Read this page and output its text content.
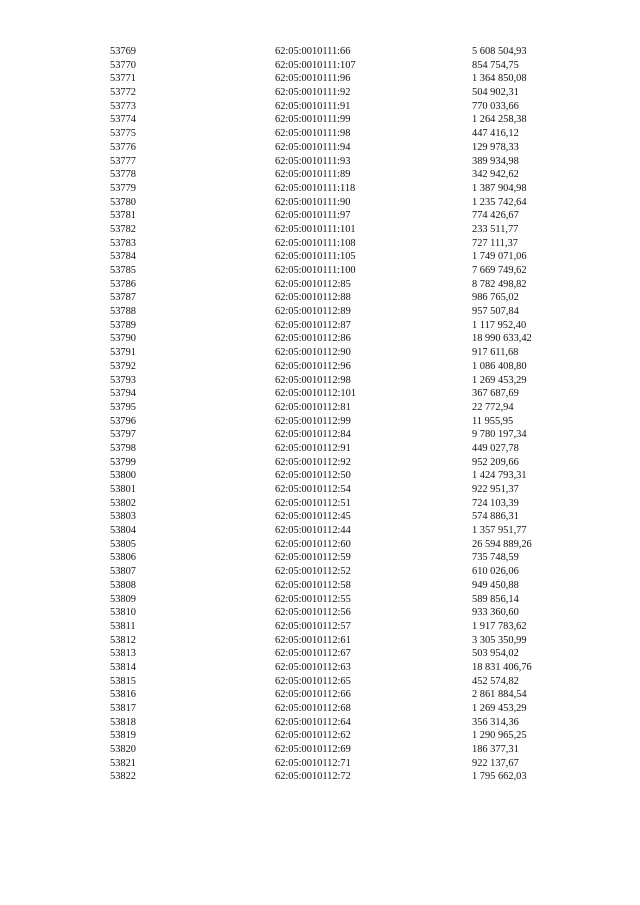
53769	62:05:0010111:66	5 608 504,93
53770	62:05:0010111:107	854 754,75
53771	62:05:0010111:96	1 364 850,08
53772	62:05:0010111:92	504 902,31
53773	62:05:0010111:91	770 033,66
53774	62:05:0010111:99	1 264 258,38
53775	62:05:0010111:98	447 416,12
53776	62:05:0010111:94	129 978,33
53777	62:05:0010111:93	389 934,98
53778	62:05:0010111:89	342 942,62
53779	62:05:0010111:118	1 387 904,98
53780	62:05:0010111:90	1 235 742,64
53781	62:05:0010111:97	774 426,67
53782	62:05:0010111:101	233 511,77
53783	62:05:0010111:108	727 111,37
53784	62:05:0010111:105	1 749 071,06
53785	62:05:0010111:100	7 669 749,62
53786	62:05:0010112:85	8 782 498,82
53787	62:05:0010112:88	986 765,02
53788	62:05:0010112:89	957 507,84
53789	62:05:0010112:87	1 117 952,40
53790	62:05:0010112:86	18 990 633,42
53791	62:05:0010112:90	917 611,68
53792	62:05:0010112:96	1 086 408,80
53793	62:05:0010112:98	1 269 453,29
53794	62:05:0010112:101	367 687,69
53795	62:05:0010112:81	22 772,94
53796	62:05:0010112:99	11 955,95
53797	62:05:0010112:84	9 780 197,34
53798	62:05:0010112:91	449 027,78
53799	62:05:0010112:92	952 209,66
53800	62:05:0010112:50	1 424 793,31
53801	62:05:0010112:54	922 951,37
53802	62:05:0010112:51	724 103,39
53803	62:05:0010112:45	574 886,31
53804	62:05:0010112:44	1 357 951,77
53805	62:05:0010112:60	26 594 889,26
53806	62:05:0010112:59	735 748,59
53807	62:05:0010112:52	610 026,06
53808	62:05:0010112:58	949 450,88
53809	62:05:0010112:55	589 856,14
53810	62:05:0010112:56	933 360,60
53811	62:05:0010112:57	1 917 783,62
53812	62:05:0010112:61	3 305 350,99
53813	62:05:0010112:67	503 954,02
53814	62:05:0010112:63	18 831 406,76
53815	62:05:0010112:65	452 574,82
53816	62:05:0010112:66	2 861 884,54
53817	62:05:0010112:68	1 269 453,29
53818	62:05:0010112:64	356 314,36
53819	62:05:0010112:62	1 290 965,25
53820	62:05:0010112:69	186 377,31
53821	62:05:0010112:71	922 137,67
53822	62:05:0010112:72	1 795 662,03
